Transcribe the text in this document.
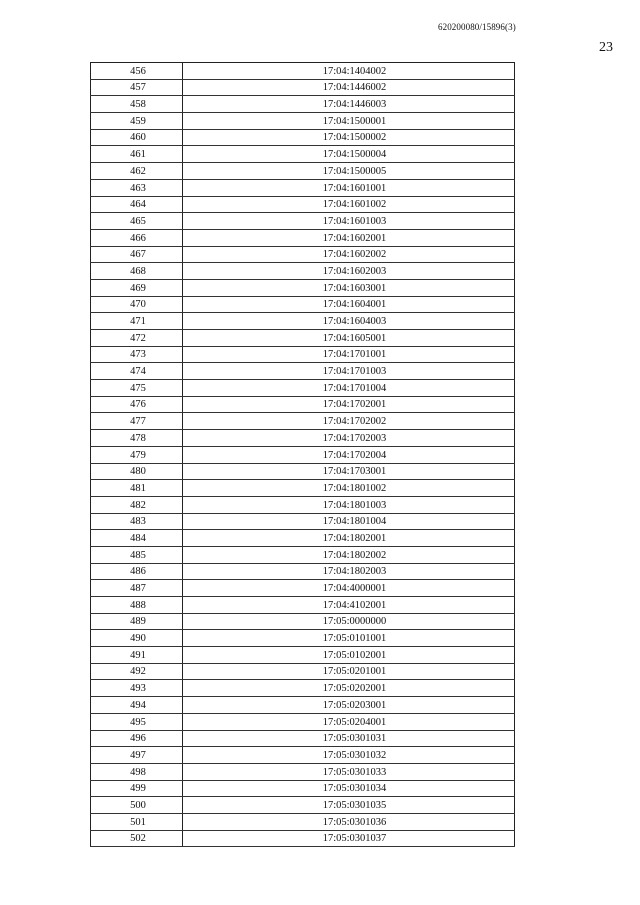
620200080/15896(3)
23
456	17:04:1404002
457	17:04:1446002
458	17:04:1446003
459	17:04:1500001
460	17:04:1500002
461	17:04:1500004
462	17:04:1500005
463	17:04:1601001
464	17:04:1601002
465	17:04:1601003
466	17:04:1602001
467	17:04:1602002
468	17:04:1602003
469	17:04:1603001
470	17:04:1604001
471	17:04:1604003
472	17:04:1605001
473	17:04:1701001
474	17:04:1701003
475	17:04:1701004
476	17:04:1702001
477	17:04:1702002
478	17:04:1702003
479	17:04:1702004
480	17:04:1703001
481	17:04:1801002
482	17:04:1801003
483	17:04:1801004
484	17:04:1802001
485	17:04:1802002
486	17:04:1802003
487	17:04:4000001
488	17:04:4102001
489	17:05:0000000
490	17:05:0101001
491	17:05:0102001
492	17:05:0201001
493	17:05:0202001
494	17:05:0203001
495	17:05:0204001
496	17:05:0301031
497	17:05:0301032
498	17:05:0301033
499	17:05:0301034
500	17:05:0301035
501	17:05:0301036
502	17:05:0301037
